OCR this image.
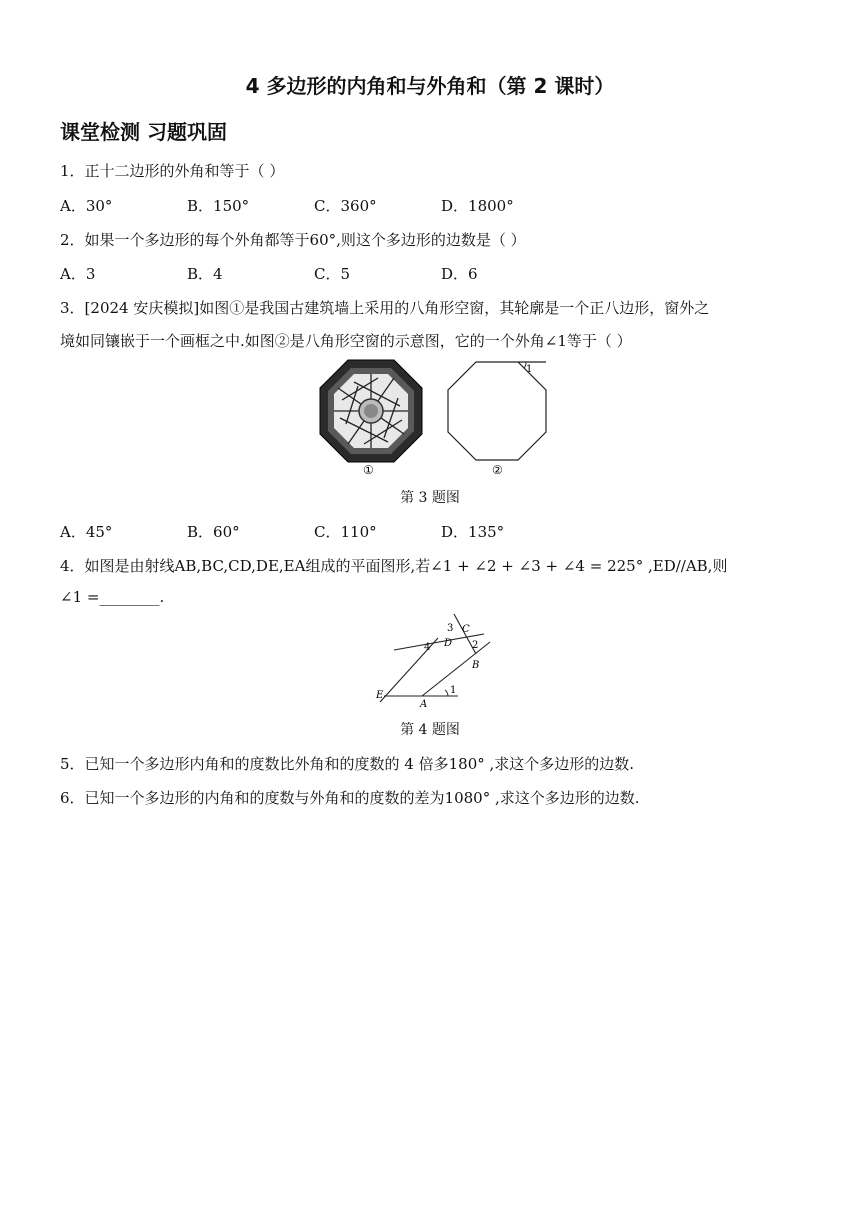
4 多边形的内角和与外角和（第 2 课时）
课堂检测 习题巩固
1．正十二边形的外角和等于（ ）
A．30°	B．150°	C．360°	D．1800°
2．如果一个多边形的每个外角都等于60°,则这个多边形的边数是（ ）
A．3	B．4	C．5	D．6
3．[2024 安庆模拟]如图①是我国古建筑墙上采用的八角形空窗，其轮廓是一个正八边形，窗外之
境如同镶嵌于一个画框之中.如图②是八角形空窗的示意图，它的一个外角∠1等于（ ）
①
1
②
第 3 题图
A．45°	B．60°	C．110°	D．135°
4．如图是由射线AB,BC,CD,DE,EA组成的平面图形,若∠1 + ∠2 + ∠3 + ∠4 = 225° ,ED//AB,则
∠1 =________.
A
B
C
D
E	1
2
3
4
第 4 题图
5．已知一个多边形内角和的度数比外角和的度数的 4 倍多180° ,求这个多边形的边数.
6．已知一个多边形的内角和的度数与外角和的度数的差为1080° ,求这个多边形的边数.
